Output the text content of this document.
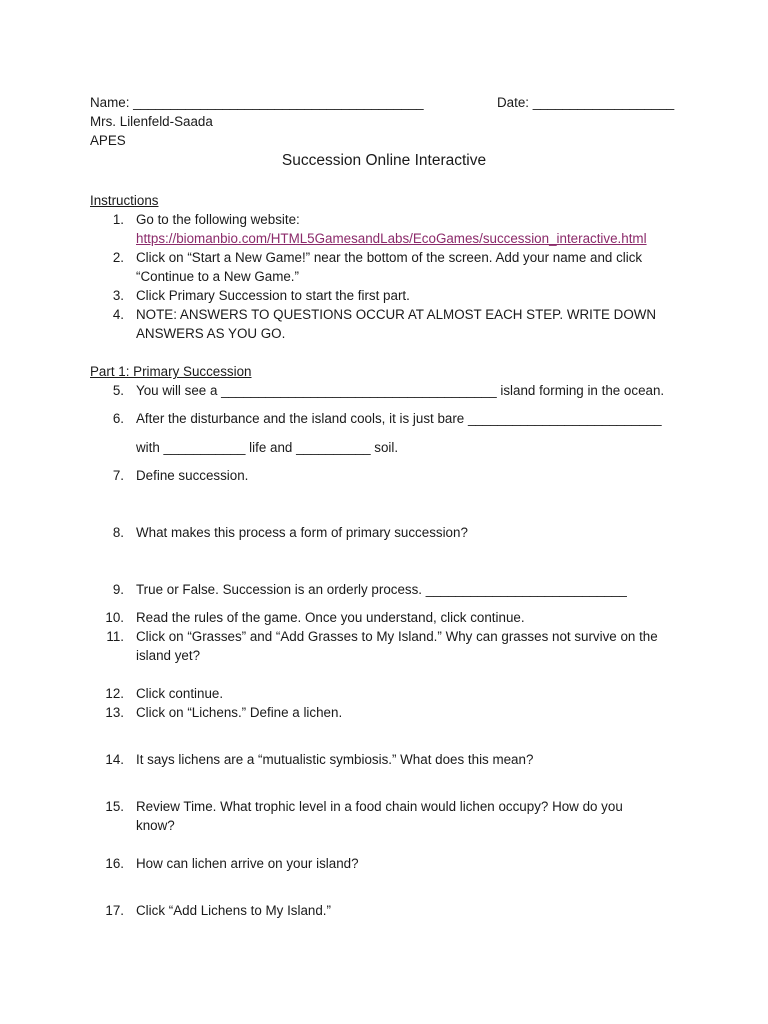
Name: _______________________________________	Date: ___________________
Mrs. Lilenfeld-Saada
APES
Succession Online Interactive
Instructions
1. Go to the following website:
https://biomanbio.com/HTML5GamesandLabs/EcoGames/succession_interactive.html
2. Click on “Start a New Game!” near the bottom of the screen. Add your name and click
“Continue to a New Game.”
3. Click Primary Succession to start the first part.
4. NOTE: ANSWERS TO QUESTIONS OCCUR AT ALMOST EACH STEP. WRITE DOWN
ANSWERS AS YOU GO.
Part 1: Primary Succession
5. You will see a _____________________________________ island forming in the ocean.
6. After the disturbance and the island cools, it is just bare __________________________
with ___________ life and __________ soil.
7. Define succession.
8. What makes this process a form of primary succession?
9. True or False. Succession is an orderly process. ___________________________
10. Read the rules of the game. Once you understand, click continue.
11. Click on “Grasses” and “Add Grasses to My Island.” Why can grasses not survive on the
island yet?
12. Click continue.
13. Click on “Lichens.” Define a lichen.
14. It says lichens are a “mutualistic symbiosis.” What does this mean?
15. Review Time. What trophic level in a food chain would lichen occupy? How do you
know?
16. How can lichen arrive on your island?
17. Click “Add Lichens to My Island.”
